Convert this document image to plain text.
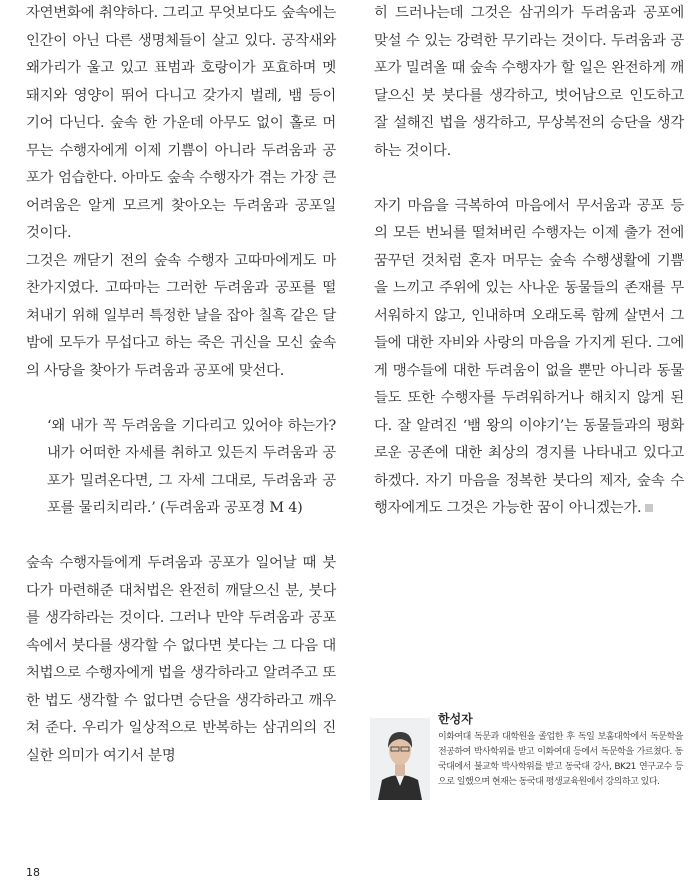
자연변화에 취약하다. 그리고 무엇보다도 숲속에는 인간이 아닌 다른 생명체들이 살고 있다. 공작새와 왜가리가 울고 있고 표범과 호랑이가 포효하며 멧돼지와 영양이 뛰어 다니고 갖가지 벌레, 뱀 등이 기어 다닌다. 숲속 한 가운데 아무도 없이 홀로 머무는 수행자에게 이제 기쁨이 아니라 두려움과 공포가 엄습한다. 아마도 숲속 수행자가 겪는 가장 큰 어려움은 알게 모르게 찾아오는 두려움과 공포일 것이다.

그것은 깨닫기 전의 숲속 수행자 고따마에게도 마찬가지였다. 고따마는 그러한 두려움과 공포를 떨쳐내기 위해 일부러 특정한 날을 잡아 칠흑 같은 달밤에 모두가 무섭다고 하는 죽은 귀신을 모신 숲속의 사당을 찾아가 두려움과 공포에 맞선다.

‘왜 내가 꼭 두려움을 기다리고 있어야 하는가? 내가 어떠한 자세를 취하고 있든지 두려움과 공포가 밀려온다면, 그 자세 그대로, 두려움과 공포를 물리치리라.’ (두려움과 공포경 M 4)

숲속 수행자들에게 두려움과 공포가 일어날 때 붓다가 마련해준 대처법은 완전히 깨달으신 분, 붓다를 생각하라는 것이다. 그러나 만약 두려움과 공포 속에서 붓다를 생각할 수 없다면 붓다는 그 다음 대처법으로 수행자에게 법을 생각하라고 알려주고 또한 법도 생각할 수 없다면 승단을 생각하라고 깨우쳐 준다. 우리가 일상적으로 반복하는 삼귀의의 진실한 의미가 여기서 분명

히 드러나는데 그것은 삼귀의가 두려움과 공포에 맞설 수 있는 강력한 무기라는 것이다. 두려움과 공포가 밀려올 때 숲속 수행자가 할 일은 완전하게 깨달으신 붓 붓다를 생각하고, 벗어남으로 인도하고 잘 설해진 법을 생각하고, 무상복전의 승단을 생각하는 것이다.

자기 마음을 극복하여 마음에서 무서움과 공포 등의 모든 번뇌를 떨쳐버린 수행자는 이제 출가 전에 꿈꾸던 것처럼 혼자 머무는 숲속 수행생활에 기쁨을 느끼고 주위에 있는 사나운 동물들의 존재를 무서워하지 않고, 인내하며 오래도록 함께 살면서 그들에 대한 자비와 사랑의 마음을 가지게 된다. 그에게 맹수들에 대한 두려움이 없을 뿐만 아니라 동물들도 또한 수행자를 두려워하거나 해치지 않게 된다. 잘 알려진 ‘뱀 왕의 이야기’는 동물들과의 평화로운 공존에 대한 최상의 경지를 나타내고 있다고 하겠다. 자기 마음을 정복한 붓다의 제자, 숲속 수행자에게도 그것은 가능한 꿈이 아니겠는가.

한성자
이화여대 독문과 대학원을 졸업한 후 독일 보훔대학에서 독문학을 전공하여 박사학위를 받고 이화여대 등에서 독문학을 가르쳤다. 동국대에서 불교학 박사학위를 받고 동국대 강사, BK21 연구교수 등으로 일했으며 현재는 동국대 평생교육원에서 강의하고 있다.
18
